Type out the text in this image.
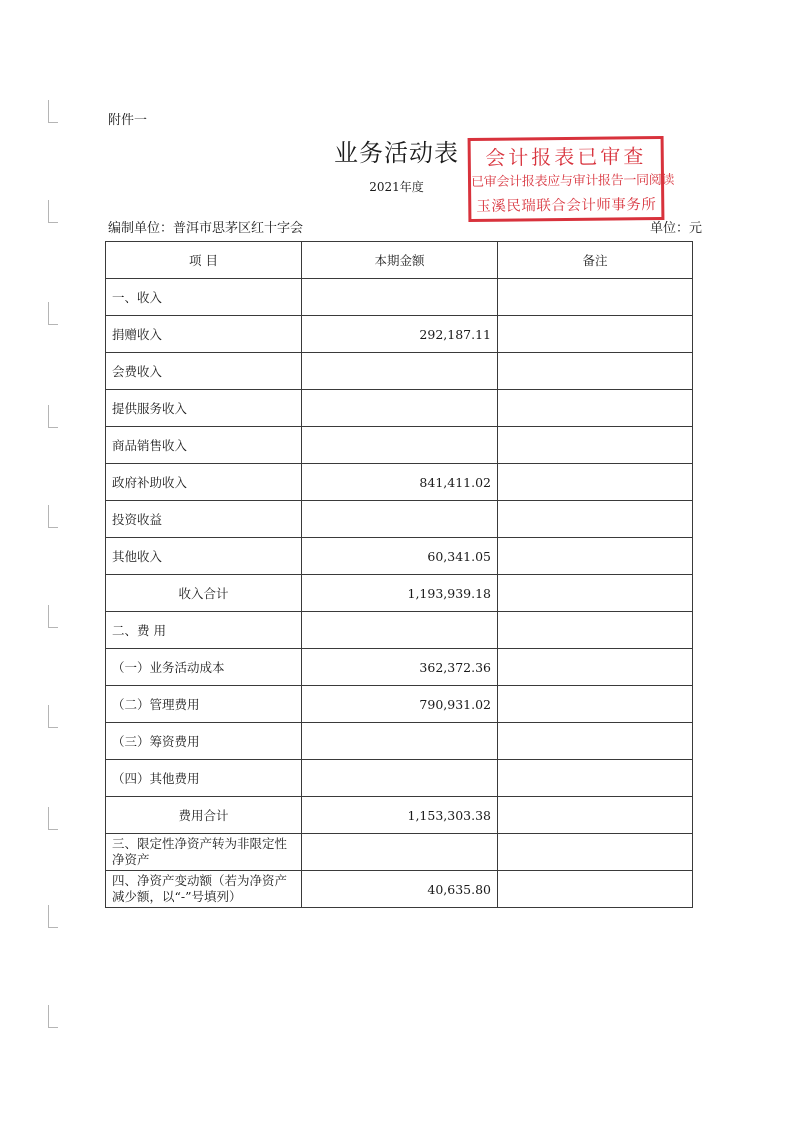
附件一
业务活动表
2021年度
编制单位：普洱市思茅区红十字会	单位：元
项 目	本期金额	备注
一、收入		
捐赠收入	292,187.11	
会费收入		
提供服务收入		
商品销售收入		
政府补助收入	841,411.02	
投资收益		
其他收入	60,341.05	
收入合计	1,193,939.18	
二、费 用		
（一）业务活动成本	362,372.36	
（二）管理费用	790,931.02	
（三）筹资费用		
（四）其他费用		
费用合计	1,153,303.38	
三、限定性净资产转为非限定性净资产		
四、净资产变动额（若为净资产减少额，以“-”号填列）	40,635.80	
会计报表已审查
已审会计报表应与审计报告一同阅读
玉溪民瑞联合会计师事务所
